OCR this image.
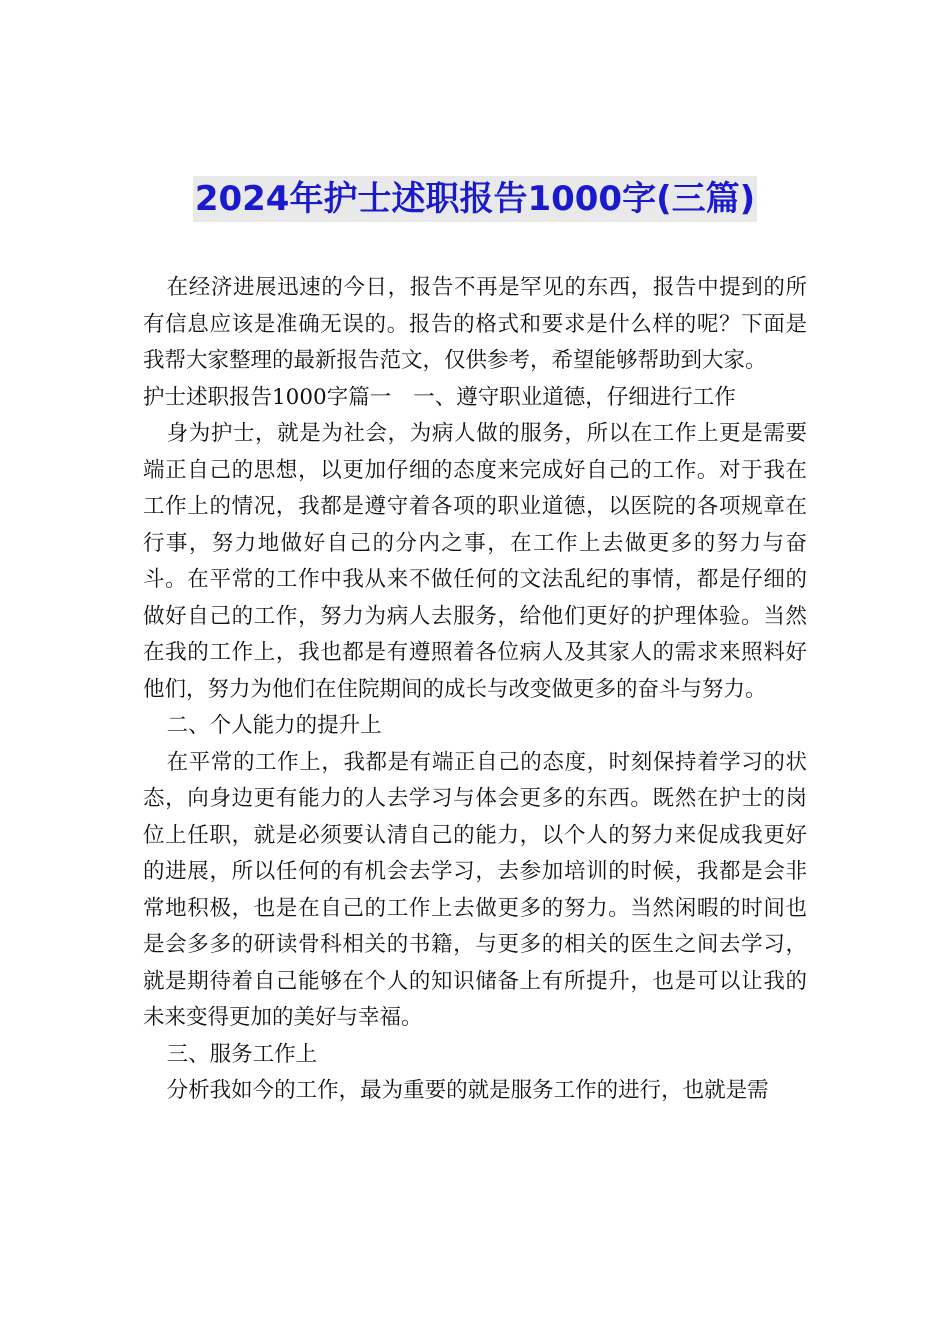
2024年护士述职报告1000字(三篇)

在经济进展迅速的今日，报告不再是罕见的东西，报告中提到的所有信息应该是准确无误的。报告的格式和要求是什么样的呢？下面是我帮大家整理的最新报告范文，仅供参考，希望能够帮助到大家。

护士述职报告1000字篇一 一、遵守职业道德，仔细进行工作

身为护士，就是为社会，为病人做的服务，所以在工作上更是需要端正自己的思想，以更加仔细的态度来完成好自己的工作。对于我在工作上的情况，我都是遵守着各项的职业道德，以医院的各项规章在行事，努力地做好自己的分内之事，在工作上去做更多的努力与奋斗。在平常的工作中我从来不做任何的文法乱纪的事情，都是仔细的做好自己的工作，努力为病人去服务，给他们更好的护理体验。当然在我的工作上，我也都是有遵照着各位病人及其家人的需求来照料好他们，努力为他们在住院期间的成长与改变做更多的奋斗与努力。

二、个人能力的提升上

在平常的工作上，我都是有端正自己的态度，时刻保持着学习的状态，向身边更有能力的人去学习与体会更多的东西。既然在护士的岗位上任职，就是必须要认清自己的能力，以个人的努力来促成我更好的进展，所以任何的有机会去学习，去参加培训的时候，我都是会非常地积极，也是在自己的工作上去做更多的努力。当然闲暇的时间也是会多多的研读骨科相关的书籍，与更多的相关的医生之间去学习，就是期待着自己能够在个人的知识储备上有所提升，也是可以让我的未来变得更加的美好与幸福。

三、服务工作上

分析我如今的工作，最为重要的就是服务工作的进行，也就是需
